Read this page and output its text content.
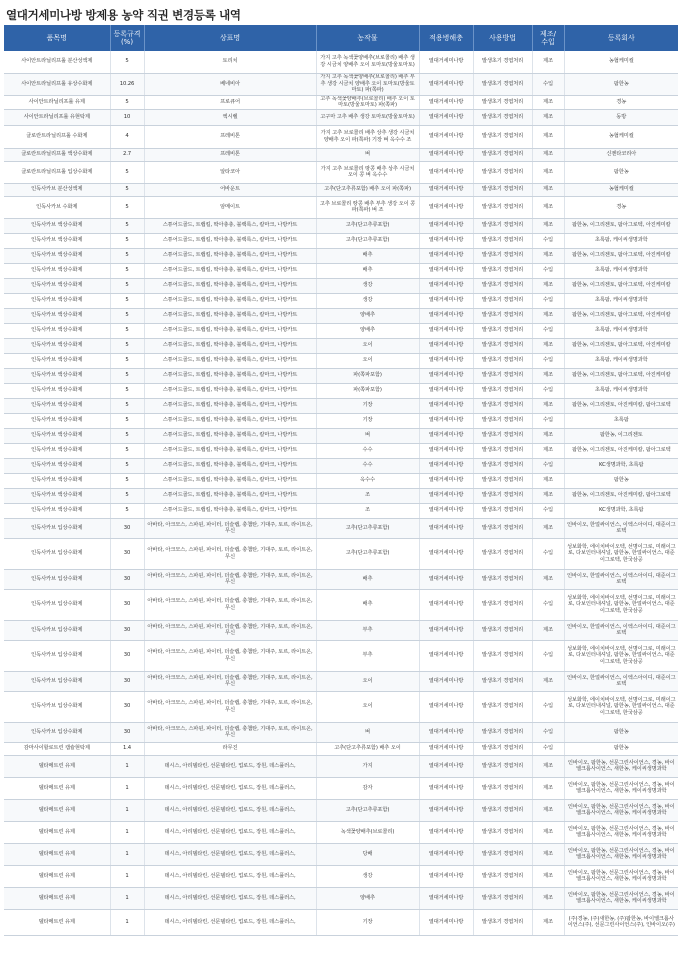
열대거세미나방 방제용 농약 직권 변경등록 내역
품목명	등록규격
(%)	상표명	농작물	적용병해충	사용방법	제조/
수입	등록회사
사이안트라닐리프롤 분산성액제	5	토리치	가지 고추 녹색꽃양배추(브로콜리) 배추 생강 시금치 양배추 오이 토마토(방울토마토)	열대거세미나방	발생초기 경엽처리	제조	농협케미컬
사이안트라닐리프롤 유상수화제	10.26	베네비아	가지 고추 녹색꽃양배추(브로콜리) 배추 부추 생강 시금치 양배추 오이 토마토(방울토마토) 파(쪽파)	열대거세미나방	발생초기 경엽처리	수입	팜한농
사이안트라닐리프롤 유제	5	프로큐어	고추 녹색꽃양배추(브로콜리) 배추 오이 토마토(방울토마토) 파(쪽파)	열대거세미나방	발생초기 경엽처리	제조	경농
사이안트라닐리프롤 유현탁제	10	엑시렐	고구마 고추 배추 생강 토마토(방울토마토)	열대거세미나방	발생초기 경엽처리	제조	동방
클로란트라닐리프롤 수화제	4	프레비톤	가지 고추 브로콜리 배추 상추 생강 시금치 양배추 오이 파(쪽파) 기장 벼 옥수수 조	열대거세미나방	발생초기 경엽처리	제조	농협케미컬
클로란트라닐리프롤 액상수화제	2.7	프레비톤	벼	열대거세미나방	발생초기 경엽처리	제조	신젠타코리아
클로란트라닐리프롤 입상수화제	5	알타코아	가지 고추 브로콜리 땅콩 배추 상추 시금치 오이 콩 벼 옥수수	열대거세미나방	발생초기 경엽처리	제조	팜한농
인독사카브 분산성액제	5	어바운트	고추(단고추류포함) 배추 오이 파(쪽파)	열대거세미나방	발생초기 경엽처리	제조	농협케미컬
인독사카브 수화제	5	암메이트	고추 브로콜리 땅콩 배추 부추 생강 오이 콩 파(쪽파) 벼 조	열대거세미나방	발생초기 경엽처리	제조	경농
인독사카브 액상수화제	5	스튜어드골드, 트랩킬, 딱아총총, 블랙록스, 칼마크, 나방카트	고추(단고추류포함)	열대거세미나방	발생초기 경엽처리	제조	팜한농, 이그리젠토, 팜아그로텍, 아진케미칼
인독사카브 액상수화제	5	스튜어드골드, 트랩킬, 딱아총총, 블랙록스, 칼마크, 나방카트	고추(단고추류포함)	열대거세미나방	발생초기 경엽처리	수입	초록팜, 케이씨생명과학
인독사카브 액상수화제	5	스튜어드골드, 트랩킬, 딱아총총, 블랙록스, 칼마크, 나방카트	배추	열대거세미나방	발생초기 경엽처리	제조	팜한농, 이그리젠토, 팜아그로텍, 아진케미칼
인독사카브 액상수화제	5	스튜어드골드, 트랩킬, 딱아총총, 블랙록스, 칼마크, 나방카트	배추	열대거세미나방	발생초기 경엽처리	수입	초록팜, 케이씨생명과학
인독사카브 액상수화제	5	스튜어드골드, 트랩킬, 딱아총총, 블랙록스, 칼마크, 나방카트	생강	열대거세미나방	발생초기 경엽처리	제조	팜한농, 이그리젠토, 팜아그로텍, 아진케미칼
인독사카브 액상수화제	5	스튜어드골드, 트랩킬, 딱아총총, 블랙록스, 칼마크, 나방카트	생강	열대거세미나방	발생초기 경엽처리	수입	초록팜, 케이씨생명과학
인독사카브 액상수화제	5	스튜어드골드, 트랩킬, 딱아총총, 블랙록스, 칼마크, 나방카트	양배추	열대거세미나방	발생초기 경엽처리	제조	팜한농, 이그리젠토, 팜아그로텍, 아진케미칼
인독사카브 액상수화제	5	스튜어드골드, 트랩킬, 딱아총총, 블랙록스, 칼마크, 나방카트	양배추	열대거세미나방	발생초기 경엽처리	수입	초록팜, 케이씨생명과학
인독사카브 액상수화제	5	스튜어드골드, 트랩킬, 딱아총총, 블랙록스, 칼마크, 나방카트	오이	열대거세미나방	발생초기 경엽처리	제조	팜한농, 이그리젠토, 팜아그로텍, 아진케미칼
인독사카브 액상수화제	5	스튜어드골드, 트랩킬, 딱아총총, 블랙록스, 칼마크, 나방카트	오이	열대거세미나방	발생초기 경엽처리	수입	초록팜, 케이씨생명과학
인독사카브 액상수화제	5	스튜어드골드, 트랩킬, 딱아총총, 블랙록스, 칼마크, 나방카트	파(쪽파포함)	열대거세미나방	발생초기 경엽처리	제조	팜한농, 이그리젠토, 팜아그로텍, 아진케미칼
인독사카브 액상수화제	5	스튜어드골드, 트랩킬, 딱아총총, 블랙록스, 칼마크, 나방카트	파(쪽파포함)	열대거세미나방	발생초기 경엽처리	수입	초록팜, 케이씨생명과학
인독사카브 액상수화제	5	스튜어드골드, 트랩킬, 딱아총총, 블랙록스, 칼마크, 나방카트	기장	열대거세미나방	발생초기 경엽처리	제조	팜한농, 이그리젠토, 아진케미칼, 팜아그로텍
인독사카브 액상수화제	5	스튜어드골드, 트랩킬, 딱아총총, 블랙록스, 칼마크, 나방카트	기장	열대거세미나방	발생초기 경엽처리	수입	초록팜
인독사카브 액상수화제	5	스튜어드골드, 트랩킬, 딱아총총, 블랙록스, 칼마크, 나방카트	벼	열대거세미나방	발생초기 경엽처리	제조	팜한농, 이그리젠토
인독사카브 액상수화제	5	스튜어드골드, 트랩킬, 딱아총총, 블랙록스, 칼마크, 나방카트	수수	열대거세미나방	발생초기 경엽처리	제조	팜한농, 이그리젠토, 아진케미칼, 팜아그로텍
인독사카브 액상수화제	5	스튜어드골드, 트랩킬, 딱아총총, 블랙록스, 칼마크, 나방카트	수수	열대거세미나방	발생초기 경엽처리	수입	KC생명과학, 초록팜
인독사카브 액상수화제	5	스튜어드골드, 트랩킬, 딱아총총, 블랙록스, 칼마크, 나방카트	옥수수	열대거세미나방	발생초기 경엽처리	제조	팜한농
인독사카브 액상수화제	5	스튜어드골드, 트랩킬, 딱아총총, 블랙록스, 칼마크, 나방카트	조	열대거세미나방	발생초기 경엽처리	제조	팜한농, 이그리젠토, 아진케미칼, 팜아그로텍
인독사카브 액상수화제	5	스튜어드골드, 트랩킬, 딱아총총, 블랙록스, 칼마크, 나방카트	조	열대거세미나방	발생초기 경엽처리	수입	KC생명과학, 초록팜
인독사카브 입상수화제	30	아바타, 아크모스, 스파윈, 파이터, 더슬랩, 충챔탄, 기대주, 토르, 라이트온, 무신	고추(단고추류포함)	열대거세미나방	발생초기 경엽처리	제조	인바이오, 한얼싸이언스, 이엑스아이디, 대준이그로텍
인독사카브 입상수화제	30	아바타, 아크모스, 스파윈, 파이터, 더슬랩, 충챔탄, 기대주, 토르, 라이트온, 무신	고추(단고추류포함)	열대거세미나방	발생초기 경엽처리	수입	성보화학, 에이치바이오텍, 선명이그로, 미래이그로, 다보인터내셔널, 팜한농, 한얼싸이언스, 대준이그로텍, 한국삼공
인독사카브 입상수화제	30	아바타, 아크모스, 스파윈, 파이터, 더슬랩, 충챔탄, 기대주, 토르, 라이트온, 무신	배추	열대거세미나방	발생초기 경엽처리	제조	인바이오, 한얼싸이언스, 이엑스아이디, 대준이그로텍
인독사카브 입상수화제	30	아바타, 아크모스, 스파윈, 파이터, 더슬랩, 충챔탄, 기대주, 토르, 라이트온, 무신	배추	열대거세미나방	발생초기 경엽처리	수입	성보화학, 에이치바이오텍, 선명이그로, 미래이그로, 다보인터내셔널, 팜한농, 한얼싸이언스, 대준이그로텍, 한국삼공
인독사카브 입상수화제	30	아바타, 아크모스, 스파윈, 파이터, 더슬랩, 충챔탄, 기대주, 토르, 라이트온, 무신	부추	열대거세미나방	발생초기 경엽처리	제조	인바이오, 한얼싸이언스, 이엑스아이디, 대준이그로텍
인독사카브 입상수화제	30	아바타, 아크모스, 스파윈, 파이터, 더슬랩, 충챔탄, 기대주, 토르, 라이트온, 무신	부추	열대거세미나방	발생초기 경엽처리	수입	성보화학, 에이치바이오텍, 선명이그로, 미래이그로, 다보인터내셔널, 팜한농, 한얼싸이언스, 대준이그로텍, 한국삼공
인독사카브 입상수화제	30	아바타, 아크모스, 스파윈, 파이터, 더슬랩, 충챔탄, 기대주, 토르, 라이트온, 무신	오이	열대거세미나방	발생초기 경엽처리	제조	인바이오, 한얼싸이언스, 이엑스아이디, 대준이그로텍
인독사카브 입상수화제	30	아바타, 아크모스, 스파윈, 파이터, 더슬랩, 충챔탄, 기대주, 토르, 라이트온, 무신	오이	열대거세미나방	발생초기 경엽처리	수입	성보화학, 에이치바이오텍, 선명이그로, 미래이그로, 다보인터내셔널, 팜한농, 한얼싸이언스, 대준이그로텍, 한국삼공
인독사카브 입상수화제	30	아바타, 아크모스, 스파윈, 파이터, 더슬랩, 충챔탄, 기대주, 토르, 라이트온, 무신	벼	열대거세미나방	발생초기 경엽처리	수입	팜한농
감마사이할로트린 캡슐현탁제	1.4	라무진	고추(단고추류포함) 배추 오이	열대거세미나방	발생초기 경엽처리	수입	팜한농
델타메트린 유제	1	데시스, 아리델타린, 선문델타린, 업로드, 장원, 데스플러스,	가지	열대거세미나방	발생초기 경엽처리	제조	인바이오, 팜한농, 선문그린사이언스, 경농, 바이엘크롭사이언스, 새한농, 케이씨생명과학
델타메트린 유제	1	데시스, 아리델타린, 선문델타린, 업로드, 장원, 데스플러스,	감자	열대거세미나방	발생초기 경엽처리	제조	인바이오, 팜한농, 선문그린사이언스, 경농, 바이엘크롭사이언스, 새한농, 케이씨생명과학
델타메트린 유제	1	데시스, 아리델타린, 선문델타린, 업로드, 장원, 데스플러스,	고추(단고추류포함)	열대거세미나방	발생초기 경엽처리	제조	인바이오, 팜한농, 선문그린사이언스, 경농, 바이엘크롭사이언스, 새한농, 케이씨생명과학
델타메트린 유제	1	데시스, 아리델타린, 선문델타린, 업로드, 장원, 데스플러스,	녹색꽃양배추(브로콜리)	열대거세미나방	발생초기 경엽처리	제조	인바이오, 팜한농, 선문그린사이언스, 경농, 바이엘크롭사이언스, 새한농, 케이씨생명과학
델타메트린 유제	1	데시스, 아리델타린, 선문델타린, 업로드, 장원, 데스플러스,	당배	열대거세미나방	발생초기 경엽처리	제조	인바이오, 팜한농, 선문그린사이언스, 경농, 바이엘크롭사이언스, 새한농, 케이씨생명과학
델타메트린 유제	1	데시스, 아리델타린, 선문델타린, 업로드, 장원, 데스플러스,	생강	열대거세미나방	발생초기 경엽처리	제조	인바이오, 팜한농, 선문그린사이언스, 경농, 바이엘크롭사이언스, 새한농, 케이씨생명과학
델타메트린 유제	1	데시스, 아리델타린, 선문델타린, 업로드, 장원, 데스플러스,	양배추	열대거세미나방	발생초기 경엽처리	제조	인바이오, 팜한농, 선문그린사이언스, 경농, 바이엘크롭사이언스, 새한농, 케이씨생명과학
델타메트린 유제	1	데시스, 아리델타린, 선문델타린, 업로드, 장원, 데스플러스,	기장	열대거세미나방	발생초기 경엽처리	제조	(주)경농, (주)새한농, (주)팜한농, 바이엘크롭사이언스(주), 선문그린사이언스(주), 인바이오(주)
